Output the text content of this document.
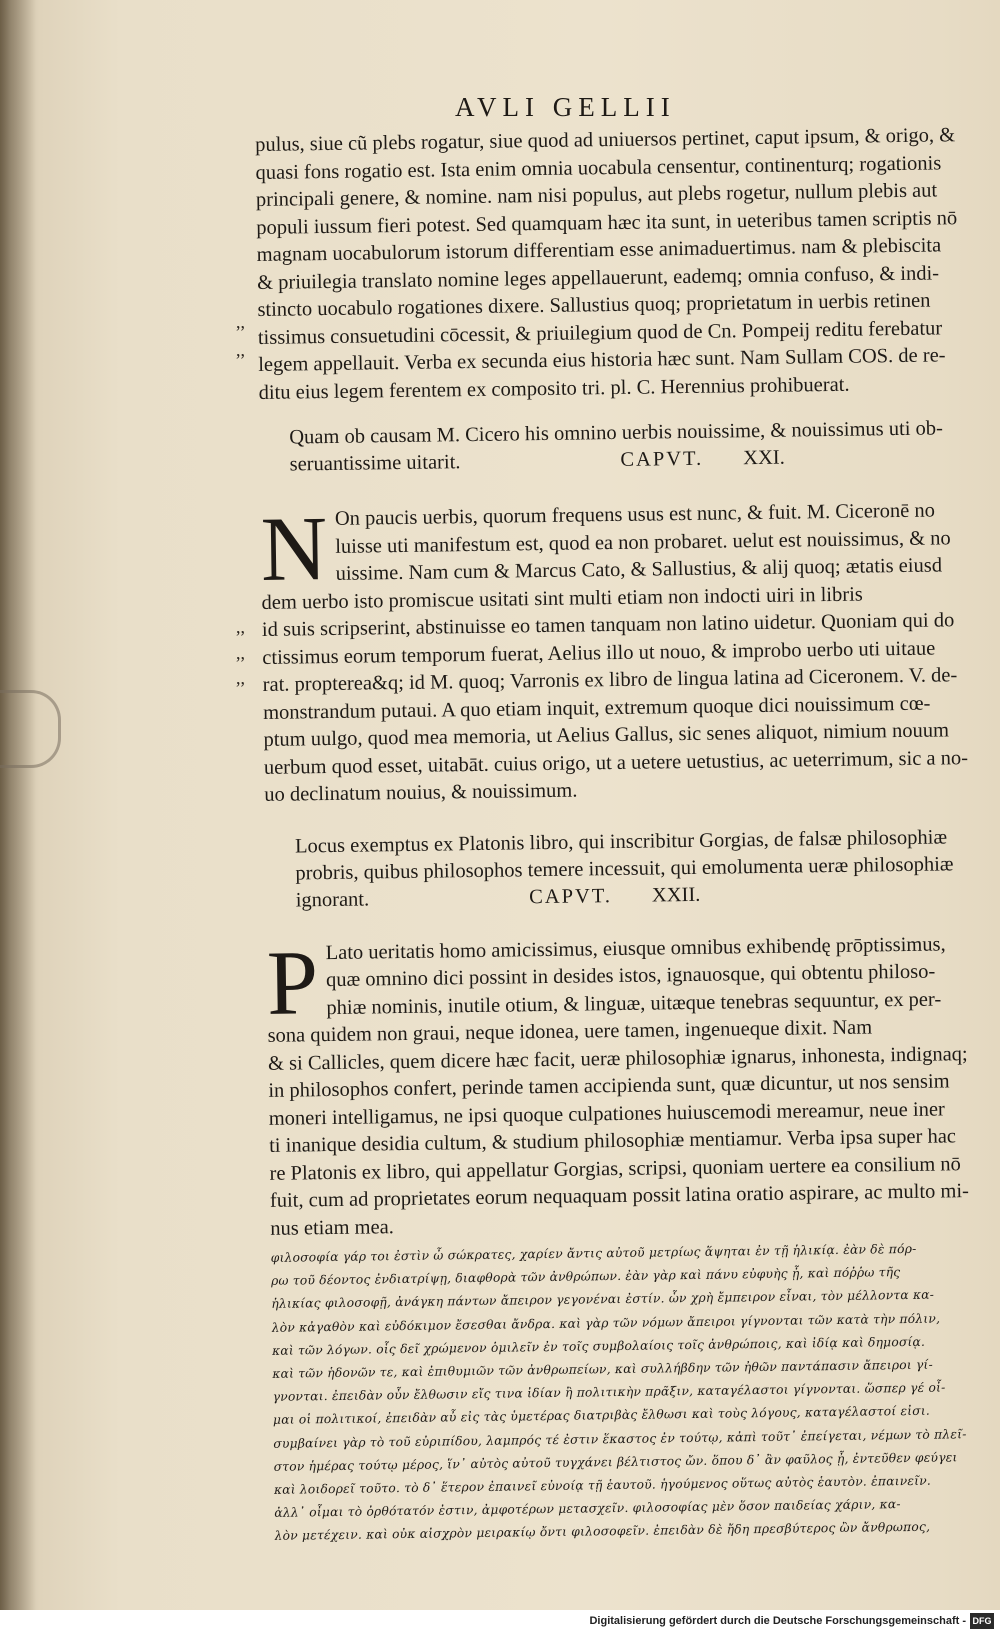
AVLI GELLII
,,
,,
,,
,,
,,
pulus, siue cũ plebs rogatur, siue quod ad uniuersos pertinet, caput ipsum, & origo, &
quasi fons rogatio est. Ista enim omnia uocabula censentur, continenturq; rogationis
principali genere, & nomine. nam nisi populus, aut plebs rogetur, nullum plebis aut
populi iussum fieri potest. Sed quamquam hæc ita sunt, in ueteribus tamen scriptis nō
magnam uocabulorum istorum differentiam esse animaduertimus. nam & plebiscita
& priuilegia translato nomine leges appellauerunt, eademq; omnia confuso, & indi-
stincto uocabulo rogationes dixere. Sallustius quoq; proprietatum in uerbis retinen
tissimus consuetudini cōcessit, & priuilegium quod de Cn. Pompeij reditu ferebatur
legem appellauit. Verba ex secunda eius historia hæc sunt. Nam Sullam COS. de re-
ditu eius legem ferentem ex composito tri. pl. C. Herennius prohibuerat.
Quam ob causam M. Cicero his omnino uerbis nouissime, & nouissimus uti ob-
seruantissime uitarit.	CAPVT. XXI.
N On paucis uerbis, quorum frequens usus est nunc, & fuit. M. Ciceronē no
luisse uti manifestum est, quod ea non probaret. uelut est nouissimus, & no
uissime. Nam cum & Marcus Cato, & Sallustius, & alij quoq; ætatis eiusd
dem uerbo isto promiscue usitati sint multi etiam non indocti uiri in libris
id suis scripserint, abstinuisse eo tamen tanquam non latino uidetur. Quoniam qui do
ctissimus eorum temporum fuerat, Aelius illo ut nouo, & improbo uerbo uti uitaue
rat. propterea&q; id M. quoq; Varronis ex libro de lingua latina ad Ciceronem. V. de-
monstrandum putaui. A quo etiam inquit, extremum quoque dici nouissimum cœ-
ptum uulgo, quod mea memoria, ut Aelius Gallus, sic senes aliquot, nimium nouum
uerbum quod esset, uitabāt. cuius origo, ut a uetere uetustius, ac ueterrimum, sic a no-
uo declinatum nouius, & nouissimum.
Locus exemptus ex Platonis libro, qui inscribitur Gorgias, de falsæ philosophiæ
probris, quibus philosophos temere incessuit, qui emolumenta ueræ philosophiæ
ignorant.	CAPVT. XXII.
P Lato ueritatis homo amicissimus, eiusque omnibus exhibendę prōptissimus,
quæ omnino dici possint in desides istos, ignauosque, qui obtentu philoso-
phiæ nominis, inutile otium, & linguæ, uitæque tenebras sequuntur, ex per-
sona quidem non graui, neque idonea, uere tamen, ingenueque dixit. Nam
& si Callicles, quem dicere hæc facit, ueræ philosophiæ ignarus, inhonesta, indignaq;
in philosophos confert, perinde tamen accipienda sunt, quæ dicuntur, ut nos sensim
moneri intelligamus, ne ipsi quoque culpationes huiuscemodi mereamur, neue iner
ti inanique desidia cultum, & studium philosophiæ mentiamur. Verba ipsa super hac
re Platonis ex libro, qui appellatur Gorgias, scripsi, quoniam uertere ea consilium nō
fuit, cum ad proprietates eorum nequaquam possit latina oratio aspirare, ac multo mi-
nus etiam mea.
φιλοσοφία γάρ τοι ἐστὶν ὦ σώκρατες, χαρίεν ἄντις αὐτοῦ μετρίως ἅψηται ἐν τῇ ἡλικίᾳ. ἐὰν δὲ πόρ-
ρω τοῦ δέοντος ἐνδιατρίψῃ, διαφθορὰ τῶν ἀνθρώπων. ἐὰν γὰρ καὶ πάνυ εὐφυὴς ᾖ, καὶ πόῤῥω τῆς
ἡλικίας φιλοσοφῇ, ἀνάγκη πάντων ἄπειρον γεγονέναι ἐστίν. ὧν χρὴ ἔμπειρον εἶναι, τὸν μέλλοντα κα-
λὸν κἀγαθὸν καὶ εὐδόκιμον ἔσεσθαι ἄνδρα. καὶ γὰρ τῶν νόμων ἄπειροι γίγνονται τῶν κατὰ τὴν πόλιν,
καὶ τῶν λόγων. οἷς δεῖ χρώμενον ὁμιλεῖν ἐν τοῖς συμβολαίοις τοῖς ἀνθρώποις, καὶ ἰδίᾳ καὶ δημοσίᾳ.
καὶ τῶν ἡδονῶν τε, καὶ ἐπιθυμιῶν τῶν ἀνθρωπείων, καὶ συλλήβδην τῶν ἠθῶν παντάπασιν ἄπειροι γί-
γνονται. ἐπειδὰν οὖν ἔλθωσιν εἴς τινα ἰδίαν ἢ πολιτικὴν πρᾶξιν, καταγέλαστοι γίγνονται. ὥσπερ γέ οἶ-
μαι οἱ πολιτικοί, ἐπειδὰν αὖ εἰς τὰς ὑμετέρας διατριβὰς ἔλθωσι καὶ τοὺς λόγους, καταγέλαστοί εἰσι.
συμβαίνει γὰρ τὸ τοῦ εὐριπίδου, λαμπρός τέ ἐστιν ἕκαστος ἐν τούτῳ, κἀπὶ τοῦτ᾽ ἐπείγεται, νέμων τὸ πλεῖ-
στον ἡμέρας τούτῳ μέρος, ἵν᾽ αὐτὸς αὐτοῦ τυγχάνει βέλτιστος ὤν. ὅπου δ᾽ ἂν φαῦλος ᾖ, ἐντεῦθεν φεύγει
καὶ λοιδορεῖ τοῦτο. τὸ δ᾽ ἕτερον ἐπαινεῖ εὐνοίᾳ τῇ ἑαυτοῦ. ἡγούμενος οὕτως αὐτὸς ἑαυτὸν. ἐπαινεῖν.
ἀλλ᾽ οἶμαι τὸ ὀρθότατόν ἐστιν, ἀμφοτέρων μετασχεῖν. φιλοσοφίας μὲν ὅσον παιδείας χάριν, κα-
λὸν μετέχειν. καὶ οὐκ αἰσχρὸν μειρακίῳ ὄντι φιλοσοφεῖν. ἐπειδὰν δὲ ἤδη πρεσβύτερος ὢν ἄνθρωπος,
Digitalisierung gefördert durch die Deutsche Forschungsgemeinschaft - DFG
